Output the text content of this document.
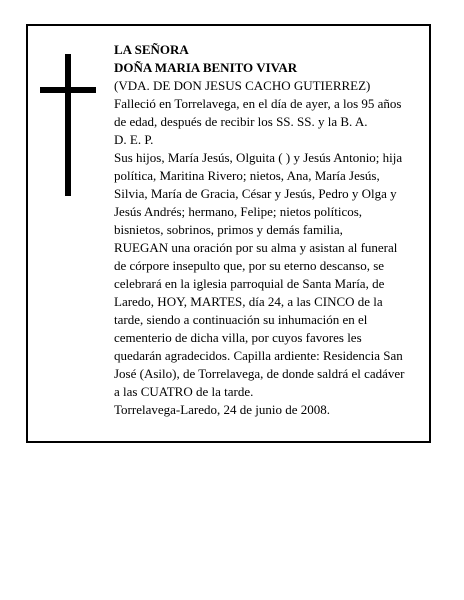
LA SEÑORA
DOÑA MARIA BENITO VIVAR
(VDA. DE DON JESUS CACHO GUTIERREZ)
Falleció en Torrelavega, en el día de ayer, a los 95 años
de edad, después de recibir los SS. SS. y la B. A.
D. E. P.
Sus hijos, María Jesús, Olguita ( ) y Jesús Antonio; hija
política, Maritina Rivero; nietos, Ana, María Jesús,
Silvia, María de Gracia, César y Jesús, Pedro y Olga y
Jesús Andrés; hermano, Felipe; nietos políticos,
bisnietos, sobrinos, primos y demás familia,
RUEGAN una oración por su alma y asistan al funeral
de córpore insepulto que, por su eterno descanso, se
celebrará en la iglesia parroquial de Santa María, de
Laredo, HOY, MARTES, día 24, a las CINCO de la
tarde, siendo a continuación su inhumación en el
cementerio de dicha villa, por cuyos favores les
quedarán agradecidos. Capilla ardiente: Residencia San
José (Asilo), de Torrelavega, de donde saldrá el cadáver
a las CUATRO de la tarde.
Torrelavega-Laredo, 24 de junio de 2008.
